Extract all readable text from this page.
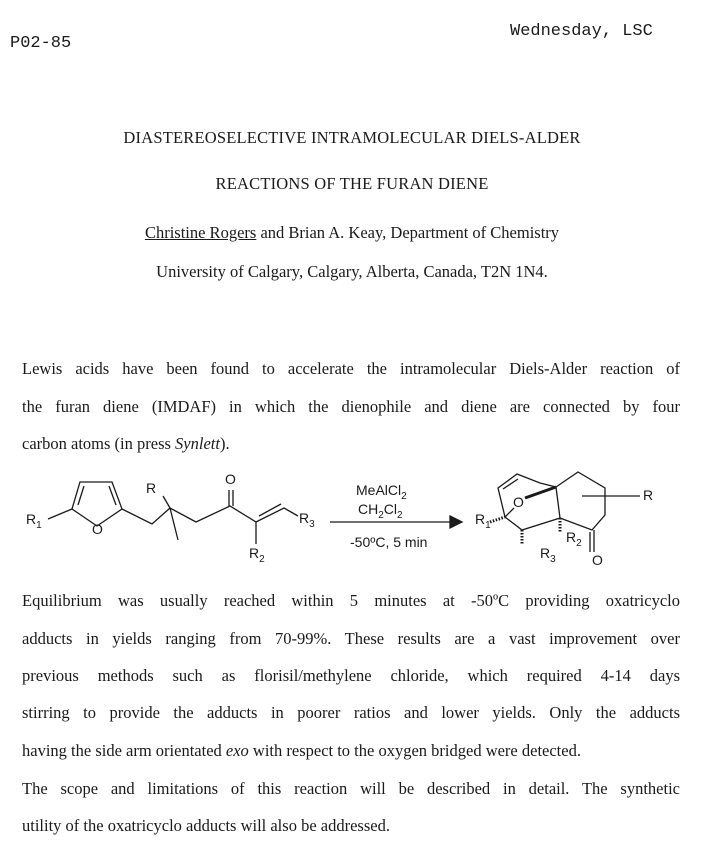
P02-85
Wednesday, LSC
DIASTEREOSELECTIVE INTRAMOLECULAR DIELS-ALDER
REACTIONS OF THE FURAN DIENE
Christine Rogers and Brian A. Keay, Department of Chemistry
University of Calgary, Calgary, Alberta, Canada, T2N 1N4.
Lewis acids have been found to accelerate the intramolecular Diels-Alder reaction of
the furan diene (IMDAF) in which the dienophile and diene are connected by four
carbon atoms (in press Synlett).
$R_1$	O
R
O
$R_3$
$R_2$
MeAlCl$_2$
$CH_2Cl_2$
-50ºC, 5 min
$R_1$
O	R
$R_2$
$R_3$	O
Equilibrium was usually reached within 5 minutes at -50ºC providing oxatricyclo
adducts in yields ranging from 70-99%. These results are a vast improvement over
previous methods such as florisil/methylene chloride, which required 4-14 days
stirring to provide the adducts in poorer ratios and lower yields. Only the adducts
having the side arm orientated exo with respect to the oxygen bridged were detected.
The scope and limitations of this reaction will be described in detail. The synthetic
utility of the oxatricyclo adducts will also be addressed.
